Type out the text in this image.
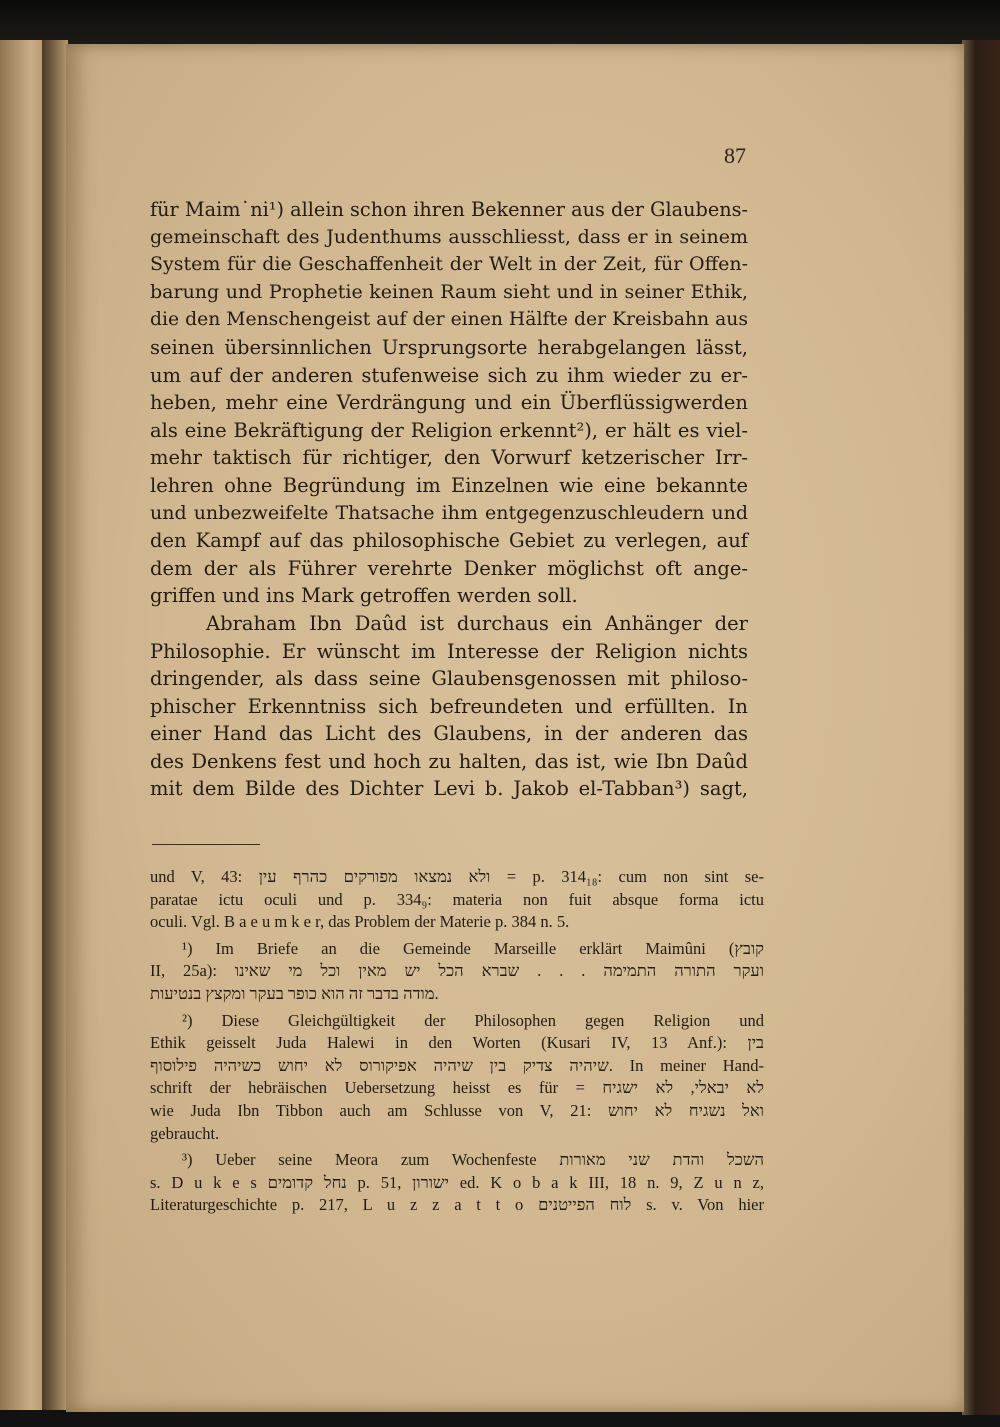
87

für Maim˙ni¹) allein schon ihren Bekenner aus der Glaubens-
gemeinschaft des Judenthums ausschliesst, dass er in seinem
System für die Geschaffenheit der Welt in der Zeit, für Offen-
barung und Prophetie keinen Raum sieht und in seiner Ethik,
die den Menschengeist auf der einen Hälfte der Kreisbahn aus
seinen übersinnlichen Ursprungsorte herabgelangen lässt,
um auf der anderen stufenweise sich zu ihm wieder zu er-
heben, mehr eine Verdrängung und ein Überflüssigwerden
als eine Bekräftigung der Religion erkennt²), er hält es viel-
mehr taktisch für richtiger, den Vorwurf ketzerischer Irr-
lehren ohne Begründung im Einzelnen wie eine bekannte
und unbezweifelte Thatsache ihm entgegenzuschleudern und
den Kampf auf das philosophische Gebiet zu verlegen, auf
dem der als Führer verehrte Denker möglichst oft ange-
griffen und ins Mark getroffen werden soll.
Abraham Ibn Daûd ist durchaus ein Anhänger der
Philosophie. Er wünscht im Interesse der Religion nichts
dringender, als dass seine Glaubensgenossen mit philoso-
phischer Erkenntniss sich befreundeten und erfüllten. In
einer Hand das Licht des Glaubens, in der anderen das
des Denkens fest und hoch zu halten, das ist, wie Ibn Daûd
mit dem Bilde des Dichter Levi b. Jakob el-Tabban³) sagt,
und V, 43: ולא נמצאו מפורקים כהרף עין = p. 314₁₈: cum non sint se-
paratae ictu oculi und p. 334₉: materia non fuit absque forma ictu
oculi. Vgl. B a e u m k e r, das Problem der Materie p. 384 n. 5.
¹) Im Briefe an die Gemeinde Marseille erklärt Maimûni (קובץ
II, 25a): ועקר התורה התמימה . . . שברא הכל יש מאין וכל מי שאינו
מודה בדבר זה הוא כופר בעקר ומקצץ בנטיעות.
²) Diese Gleichgültigkeit der Philosophen gegen Religion und
Ethik geisselt Juda Halewi in den Worten (Kusari IV, 13 Anf.): בין
שיהיה צדיק בין שיהיה אפיקורוס לא יחוש כשיהיה פילוסוף. In meiner Hand-
schrift der hebräischen Uebersetzung heisst es für = לא יבאלי, לא ישגיח
wie Juda Ibn Tibbon auch am Schlusse von V, 21: ואל נשגיח לא יחוש
gebraucht.
³) Ueber seine Meora zum Wochenfeste השכל והדת שני מאורות
s. D u k e s נחל קדומים p. 51, ישורון ed. K o b a k III, 18 n. 9, Z u n z,
Literaturgeschichte p. 217, L u z z a t t o לוח הפייטנים s. v. Von hier
